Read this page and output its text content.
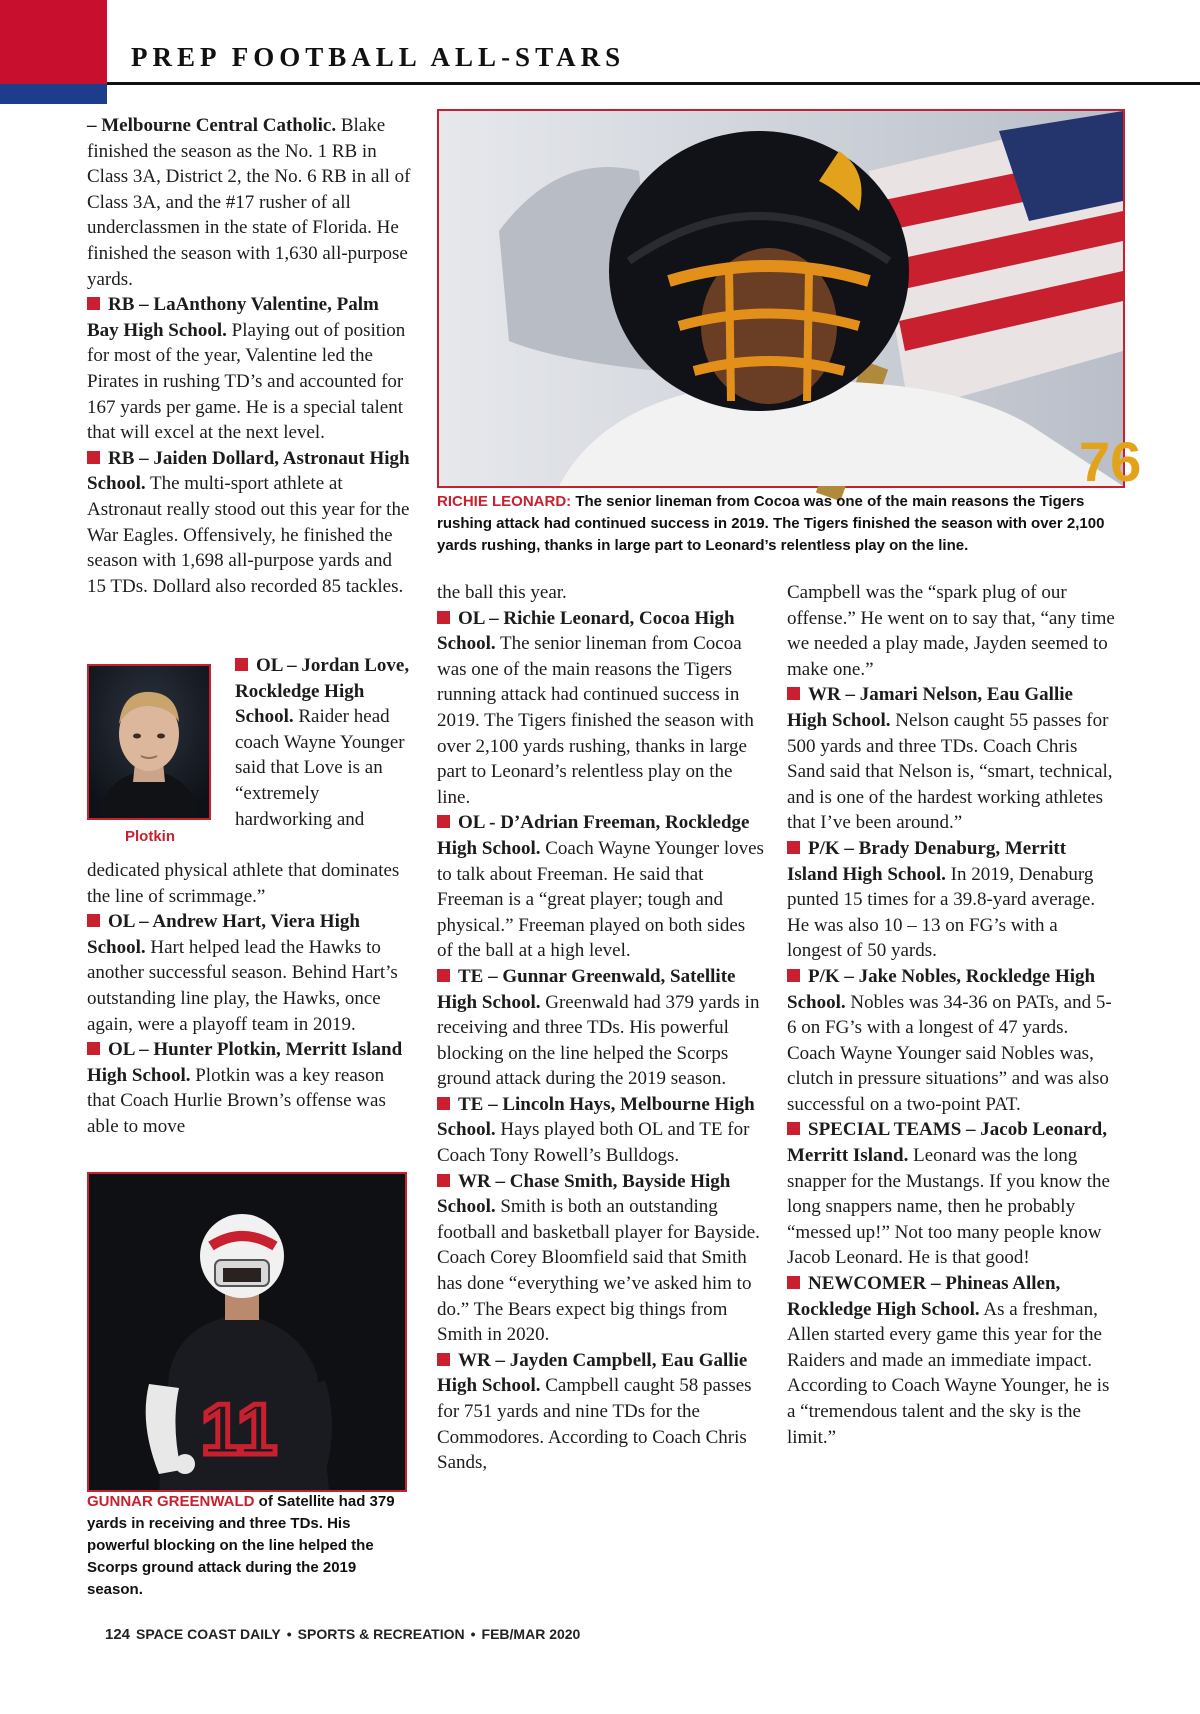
PREP FOOTBALL ALL-STARS

– Melbourne Central Catholic. Blake finished the season as the No. 1 RB in Class 3A, District 2, the No. 6 RB in all of Class 3A, and the #17 rusher of all underclassmen in the state of Florida. He finished the season with 1,630 all-purpose yards.

RB – LaAnthony Valentine, Palm Bay High School. Playing out of position for most of the year, Valentine led the Pirates in rushing TD’s and accounted for 167 yards per game. He is a special talent that will excel at the next level.

RB – Jaiden Dollard, Astronaut High School. The multi-sport athlete at Astronaut really stood out this year for the War Eagles. Offensively, he finished the season with 1,698 all-purpose yards and 15 TDs. Dollard also recorded 85 tackles.

OL – Jordan Love, Rockledge High School. Raider head coach Wayne Younger said that Love is an “extremely hardworking and

dedicated physical athlete that dominates the line of scrimmage.”

OL – Andrew Hart, Viera High School. Hart helped lead the Hawks to another successful season. Behind Hart’s outstanding line play, the Hawks, once again, were a playoff team in 2019.

OL – Hunter Plotkin, Merritt Island High School. Plotkin was a key reason that Coach Hurlie Brown’s offense was able to move

Plotkin
11
GUNNAR GREENWALD of Satellite had 379 yards in receiving and three TDs. His powerful blocking on the line helped the Scorps ground attack during the 2019 season.
76
RICHIE LEONARD: The senior lineman from Cocoa was one of the main reasons the Tigers rushing attack had continued success in 2019. The Tigers finished the season with over 2,100 yards rushing, thanks in large part to Leonard’s relentless play on the line.

the ball this year.

OL – Richie Leonard, Cocoa High School. The senior lineman from Cocoa was one of the main reasons the Tigers running attack had continued success in 2019. The Tigers finished the season with over 2,100 yards rushing, thanks in large part to Leonard’s relentless play on the line.

OL - D’Adrian Freeman, Rockledge High School. Coach Wayne Younger loves to talk about Freeman. He said that Freeman is a “great player; tough and physical.” Freeman played on both sides of the ball at a high level.

TE – Gunnar Greenwald, Satellite High School. Greenwald had 379 yards in receiving and three TDs. His powerful blocking on the line helped the Scorps ground attack during the 2019 season.

TE – Lincoln Hays, Melbourne High School. Hays played both OL and TE for Coach Tony Rowell’s Bulldogs.

WR – Chase Smith, Bayside High School. Smith is both an outstanding football and basketball player for Bayside. Coach Corey Bloomfield said that Smith has done “everything we’ve asked him to do.” The Bears expect big things from Smith in 2020.

WR – Jayden Campbell, Eau Gallie High School. Campbell caught 58 passes for 751 yards and nine TDs for the Commodores. According to Coach Chris Sands,

Campbell was the “spark plug of our offense.” He went on to say that, “any time we needed a play made, Jayden seemed to make one.”

WR – Jamari Nelson, Eau Gallie High School. Nelson caught 55 passes for 500 yards and three TDs. Coach Chris Sand said that Nelson is, “smart, technical, and is one of the hardest working athletes that I’ve been around.”

P/K – Brady Denaburg, Merritt Island High School. In 2019, Denaburg punted 15 times for a 39.8-yard average. He was also 10 – 13 on FG’s with a longest of 50 yards.

P/K – Jake Nobles, Rockledge High School. Nobles was 34-36 on PATs, and 5-6 on FG’s with a longest of 47 yards. Coach Wayne Younger said Nobles was, clutch in pressure situations” and was also successful on a two-point PAT.

SPECIAL TEAMS – Jacob Leonard, Merritt Island. Leonard was the long snapper for the Mustangs. If you know the long snappers name, then he probably “messed up!” Not too many people know Jacob Leonard. He is that good!

NEWCOMER – Phineas Allen, Rockledge High School. As a freshman, Allen started every game this year for the Raiders and made an immediate impact. According to Coach Wayne Younger, he is a “tremendous talent and the sky is the limit.”

124 SPACE COAST DAILY • SPORTS & RECREATION • FEB/MAR 2020
